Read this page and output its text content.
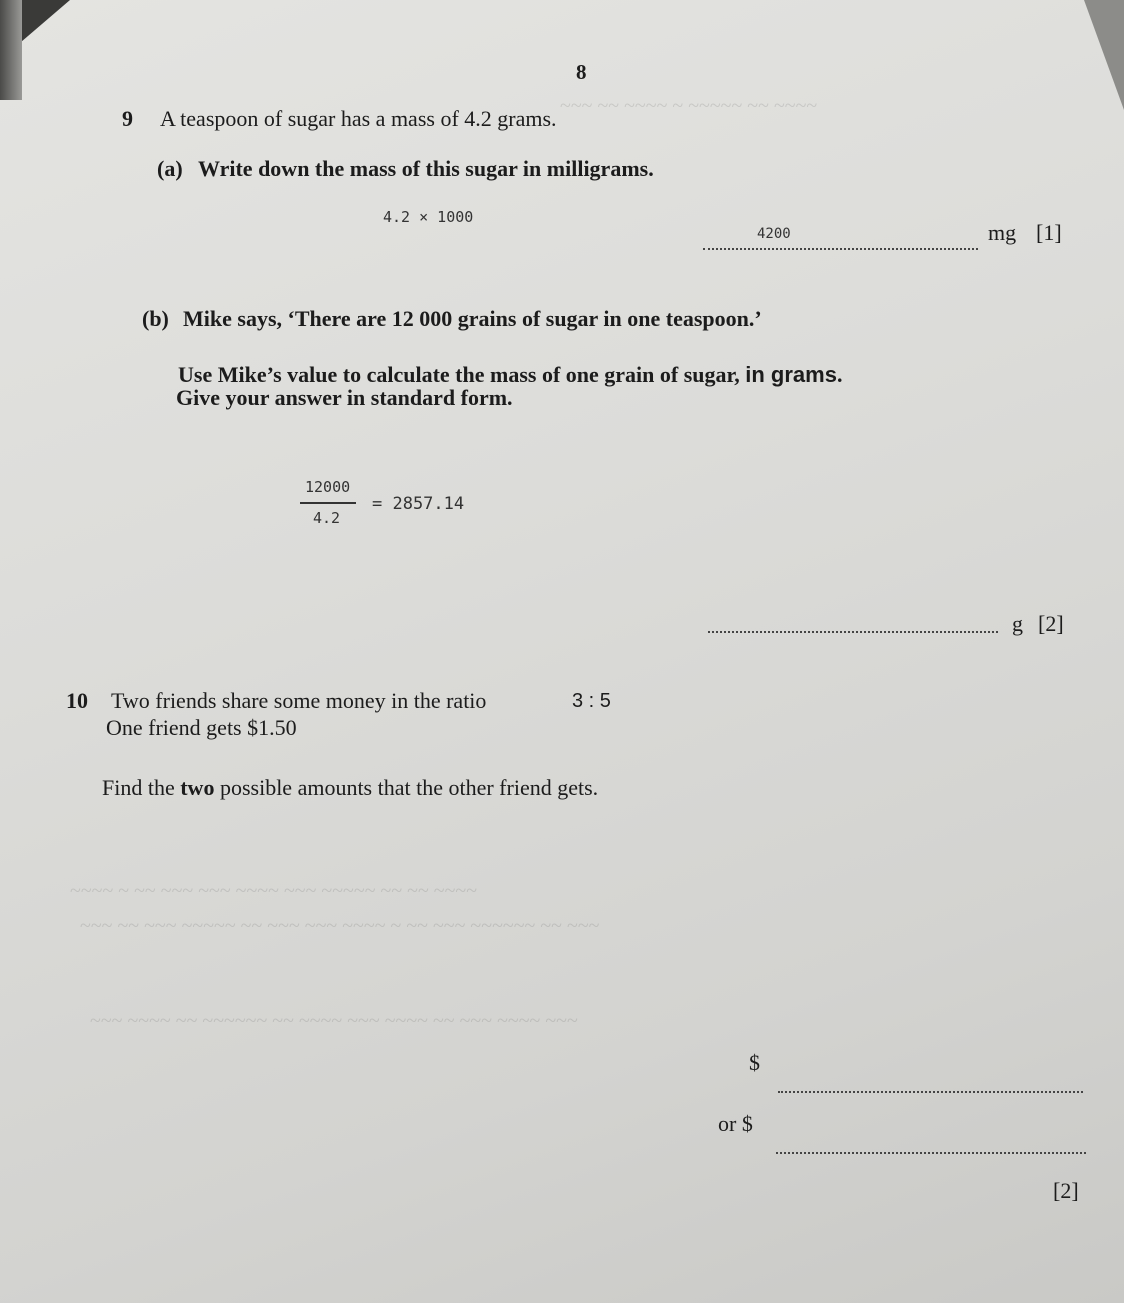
~~~ ~~ ~~~~ ~ ~~~~~ ~~ ~~~~
~~~~ ~ ~~ ~~~ ~~~ ~~~~ ~~~ ~~~~~ ~~ ~~ ~~~~
~~~ ~~ ~~~ ~~~~~ ~~ ~~~ ~~~ ~~~~ ~ ~~ ~~~ ~~~~~~ ~~ ~~~
~~~ ~~~~ ~~ ~~~~~~ ~~ ~~~~ ~~~ ~~~~ ~~ ~~~ ~~~~ ~~~
8
9 A teaspoon of sugar has a mass of 4.2 grams.
(a) Write down the mass of this sugar in milligrams.
4.2 × 1000
4200	mg [1]
(b) Mike says, ‘There are 12 000 grains of sugar in one teaspoon.’
Use Mike’s value to calculate the mass of one grain of sugar, in grams.
Give your answer in standard form.
12000
4.2
= 2857.14
g [2]
10 Two friends share some money in the ratio	3 : 5
One friend gets $1.50
Find the two possible amounts that the other friend gets.
$
or $
[2]
